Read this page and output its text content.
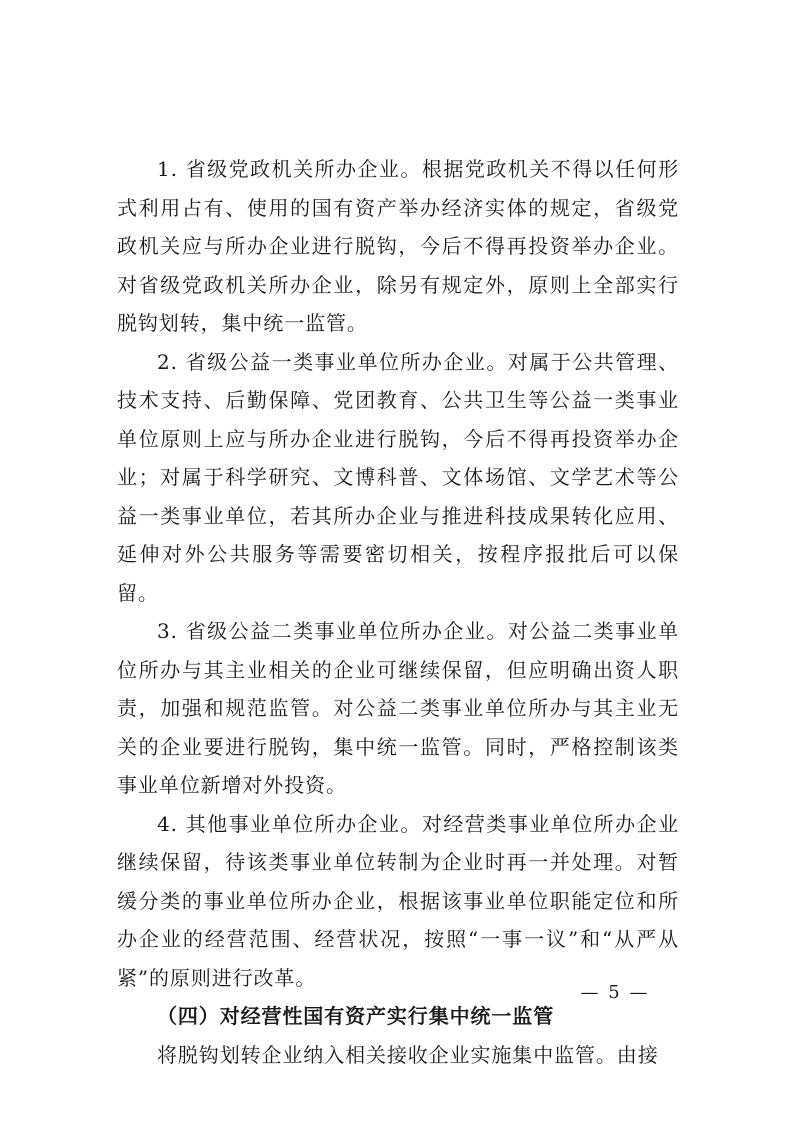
1. 省级党政机关所办企业。根据党政机关不得以任何形式利用占有、使用的国有资产举办经济实体的规定，省级党政机关应与所办企业进行脱钩，今后不得再投资举办企业。对省级党政机关所办企业，除另有规定外，原则上全部实行脱钩划转，集中统一监管。

2. 省级公益一类事业单位所办企业。对属于公共管理、技术支持、后勤保障、党团教育、公共卫生等公益一类事业单位原则上应与所办企业进行脱钩，今后不得再投资举办企业；对属于科学研究、文博科普、文体场馆、文学艺术等公益一类事业单位，若其所办企业与推进科技成果转化应用、延伸对外公共服务等需要密切相关，按程序报批后可以保留。

3. 省级公益二类事业单位所办企业。对公益二类事业单位所办与其主业相关的企业可继续保留，但应明确出资人职责，加强和规范监管。对公益二类事业单位所办与其主业无关的企业要进行脱钩，集中统一监管。同时，严格控制该类事业单位新增对外投资。

4. 其他事业单位所办企业。对经营类事业单位所办企业继续保留，待该类事业单位转制为企业时再一并处理。对暂缓分类的事业单位所办企业，根据该事业单位职能定位和所办企业的经营范围、经营状况，按照“一事一议”和“从严从紧”的原则进行改革。

（四）对经营性国有资产实行集中统一监管

将脱钩划转企业纳入相关接收企业实施集中监管。由接

— 5 —
